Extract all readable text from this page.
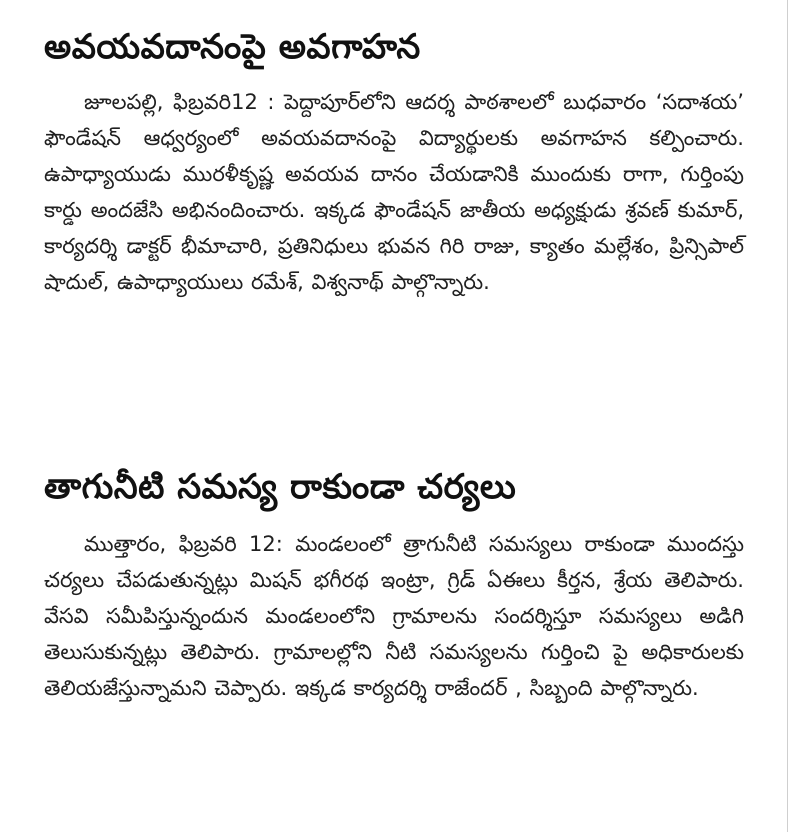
అవయవదానంపై అవగాహన

జూలపల్లి, ఫిబ్రవరి12 : పెద్దాపూర్‌లోని ఆదర్శ పాఠశాలలో బుధవారం ‘సదాశయ’ ఫౌండేషన్ ఆధ్వర్యంలో అవయవదానంపై విద్యార్థులకు అవగాహన కల్పించారు. ఉపాధ్యాయుడు మురళీకృష్ణ అవయవ దానం చేయడానికి ముందుకు రాగా, గుర్తింపు కార్డు అందజేసి అభినందించారు. ఇక్కడ ఫౌండేషన్ జాతీయ అధ్యక్షుడు శ్రవణ్ కుమార్, కార్యదర్శి డాక్టర్ భీమాచారి, ప్రతినిధులు భువన గిరి రాజు, క్యాతం మల్లేశం, ప్రిన్సిపాల్ షాదుల్, ఉపాధ్యాయులు రమేశ్, విశ్వనాథ్ పాల్గొన్నారు.

తాగునీటి సమస్య రాకుండా చర్యలు

ముత్తారం, ఫిబ్రవరి 12: మండలంలో త్రాగునీటి సమస్యలు రాకుండా ముందస్తు చర్యలు చేపడుతున్నట్లు మిషన్ భగీరథ ఇంట్రా, గ్రిడ్ ఏఈలు కీర్తన, శ్రేయ తెలిపారు. వేసవి సమీపిస్తున్నందున మండలంలోని గ్రామాలను సందర్శిస్తూ సమస్యలు అడిగి తెలుసుకున్నట్లు తెలిపారు. గ్రామాలల్లోని నీటి సమస్యలను గుర్తించి పై అధికారులకు తెలియజేస్తున్నామని చెప్పారు. ఇక్కడ కార్యదర్శి రాజేందర్ , సిబ్బంది పాల్గొన్నారు.
